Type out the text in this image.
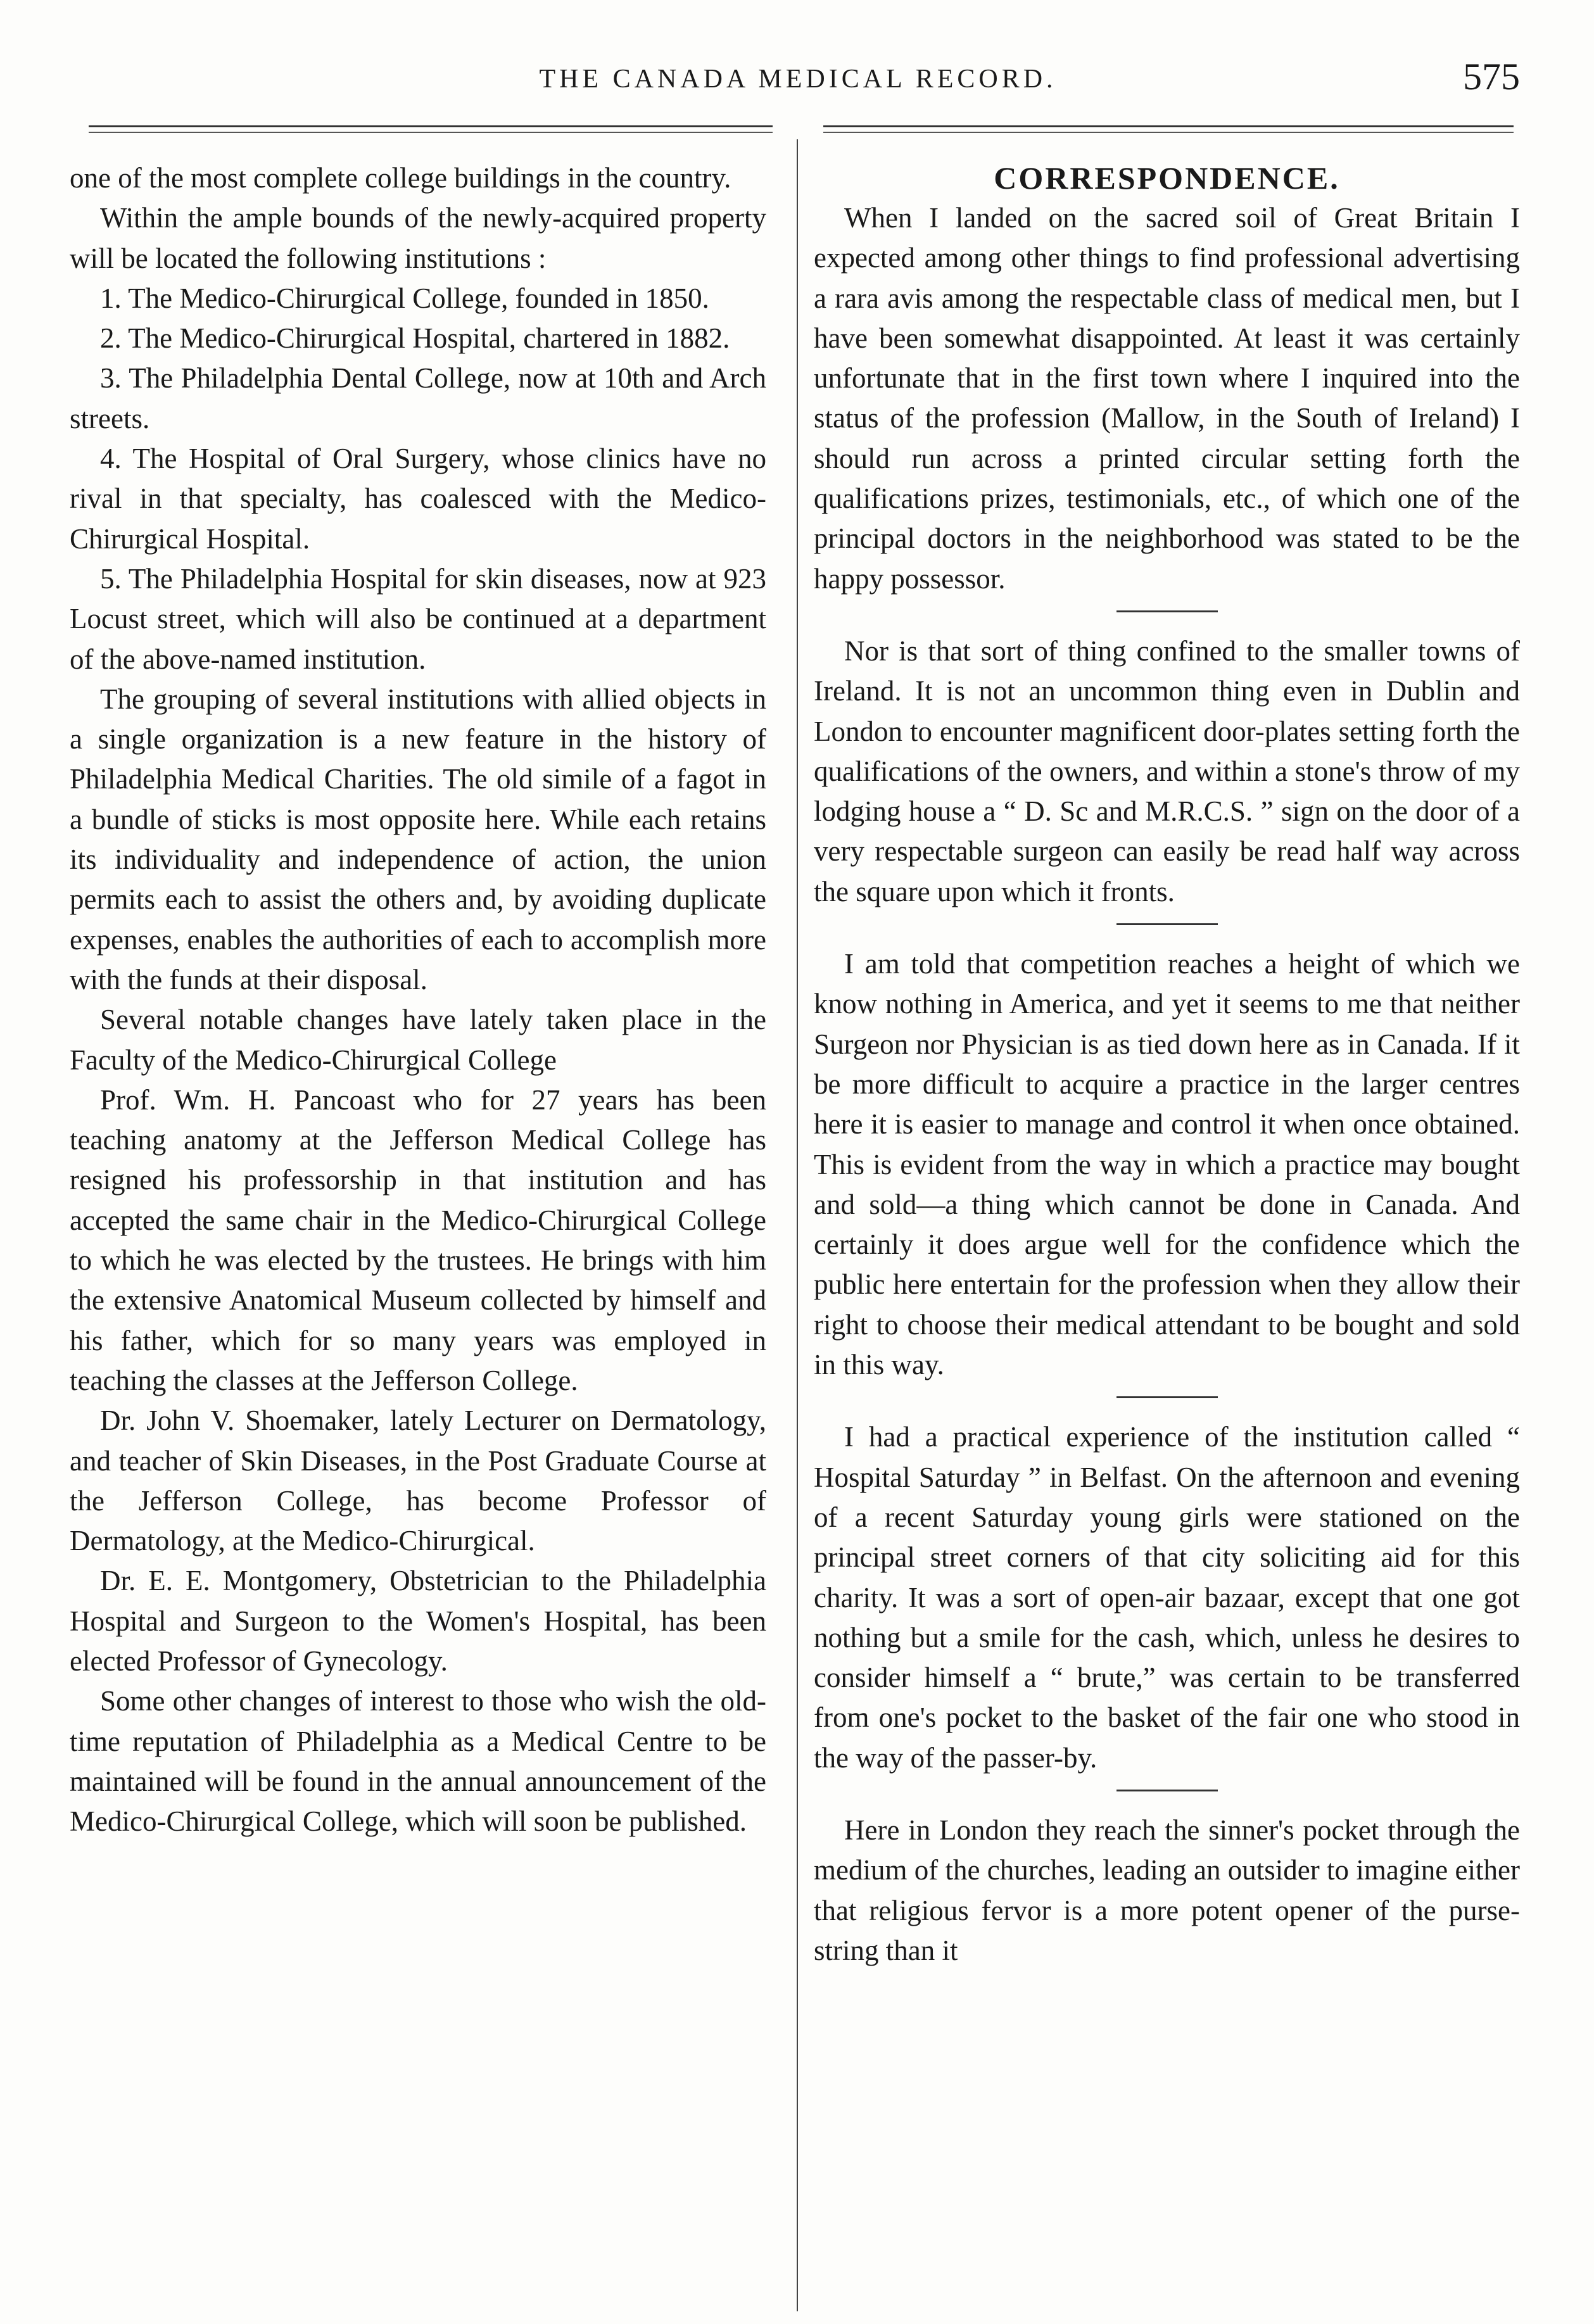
THE CANADA MEDICAL RECORD.	575

one of the most complete college buildings in the country.

Within the ample bounds of the newly-acquired property will be located the following institutions :

1. The Medico-Chirurgical College, founded in 1850.

2. The Medico-Chirurgical Hospital, chartered in 1882.

3. The Philadelphia Dental College, now at 10th and Arch streets.

4. The Hospital of Oral Surgery, whose clinics have no rival in that specialty, has coalesced with the Medico-Chirurgical Hospital.

5. The Philadelphia Hospital for skin diseases, now at 923 Locust street, which will also be continued at a department of the above-named institution.

The grouping of several institutions with allied objects in a single organization is a new feature in the history of Philadelphia Medical Charities. The old simile of a fagot in a bundle of sticks is most opposite here. While each retains its individuality and independence of action, the union permits each to assist the others and, by avoiding duplicate expenses, enables the authorities of each to accomplish more with the funds at their disposal.

Several notable changes have lately taken place in the Faculty of the Medico-Chirurgical College

Prof. Wm. H. Pancoast who for 27 years has been teaching anatomy at the Jefferson Medical College has resigned his professorship in that institution and has accepted the same chair in the Medico-Chirurgical College to which he was elected by the trustees. He brings with him the extensive Anatomical Museum collected by himself and his father, which for so many years was employed in teaching the classes at the Jefferson College.

Dr. John V. Shoemaker, lately Lecturer on Dermatology, and teacher of Skin Diseases, in the Post Graduate Course at the Jefferson College, has become Professor of Dermatology, at the Medico-Chirurgical.

Dr. E. E. Montgomery, Obstetrician to the Philadelphia Hospital and Surgeon to the Women's Hospital, has been elected Professor of Gynecology.

Some other changes of interest to those who wish the old-time reputation of Philadelphia as a Medical Centre to be maintained will be found in the annual announcement of the Medico-Chirurgical College, which will soon be published.

CORRESPONDENCE.

When I landed on the sacred soil of Great Britain I expected among other things to find professional advertising a rara avis among the respectable class of medical men, but I have been somewhat disappointed. At least it was certainly unfortunate that in the first town where I inquired into the status of the profession (Mallow, in the South of Ireland) I should run across a printed circular setting forth the qualifications prizes, testimonials, etc., of which one of the principal doctors in the neighborhood was stated to be the happy possessor.

Nor is that sort of thing confined to the smaller towns of Ireland. It is not an uncommon thing even in Dublin and London to encounter magnificent door-plates setting forth the qualifications of the owners, and within a stone's throw of my lodging house a “ D. Sc and M.R.C.S. ” sign on the door of a very respectable surgeon can easily be read half way across the square upon which it fronts.

I am told that competition reaches a height of which we know nothing in America, and yet it seems to me that neither Surgeon nor Physician is as tied down here as in Canada. If it be more difficult to acquire a practice in the larger centres here it is easier to manage and control it when once obtained. This is evident from the way in which a practice may bought and sold—a thing which cannot be done in Canada. And certainly it does argue well for the confidence which the public here entertain for the profession when they allow their right to choose their medical attendant to be bought and sold in this way.

I had a practical experience of the institution called “ Hospital Saturday ” in Belfast. On the afternoon and evening of a recent Saturday young girls were stationed on the principal street corners of that city soliciting aid for this charity. It was a sort of open-air bazaar, except that one got nothing but a smile for the cash, which, unless he desires to consider himself a “ brute,” was certain to be transferred from one's pocket to the basket of the fair one who stood in the way of the passer-by.

Here in London they reach the sinner's pocket through the medium of the churches, leading an outsider to imagine either that religious fervor is a more potent opener of the purse-string than it
